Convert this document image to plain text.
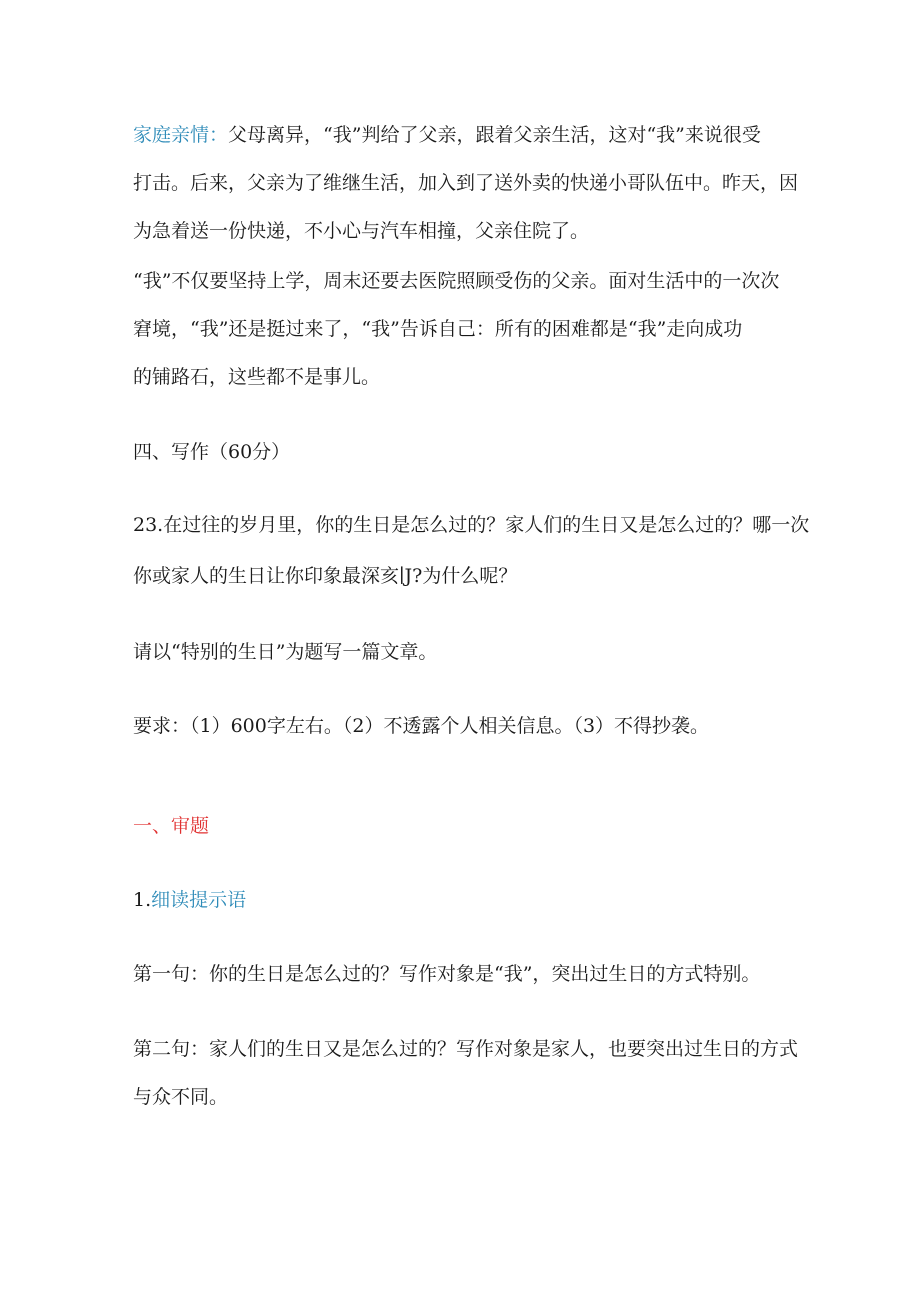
家庭亲情：父母离异，“我”判给了父亲，跟着父亲生活，这对“我”来说很受
打击。后来，父亲为了维继生活，加入到了送外卖的快递小哥队伍中。昨天，因
为急着送一份快递，不小心与汽车相撞，父亲住院了。
“我”不仅要坚持上学，周末还要去医院照顾受伤的父亲。面对生活中的一次次
窘境，“我”还是挺过来了，“我”告诉自己：所有的困难都是“我”走向成功
的铺路石，这些都不是事儿。

四、写作（60分）

23.在过往的岁月里，你的生日是怎么过的？家人们的生日又是怎么过的？哪一次
你或家人的生日让你印象最深亥∣J?为什么呢？

请以“特别的生日”为题写一篇文章。

要求：（1）600字左右。（2）不透露个人相关信息。（3）不得抄袭。

一、审题

1.细读提示语

第一句：你的生日是怎么过的？写作对象是“我”，突出过生日的方式特别。

第二句：家人们的生日又是怎么过的？写作对象是家人，也要突出过生日的方式
与众不同。
